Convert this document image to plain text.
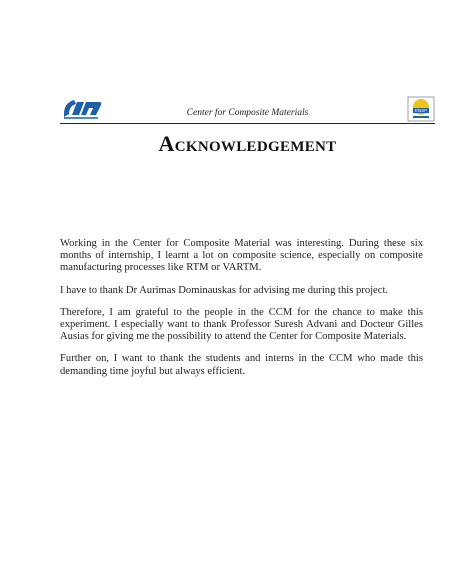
Center for Composite Materials	ENSP
Acknowledgement

Working in the Center for Composite Material was interesting. During these six months of internship, I learnt a lot on composite science, especially on composite manufacturing processes like RTM or VARTM.

I have to thank Dr Aurimas Dominauskas for advising me during this project.

Therefore, I am grateful to the people in the CCM for the chance to make this experiment. I especially want to thank Professor Suresh Advani and Docteur Gilles Ausias for giving me the possibility to attend the Center for Composite Materials.

Further on, I want to thank the students and interns in the CCM who made this demanding time joyful but always efficient.
